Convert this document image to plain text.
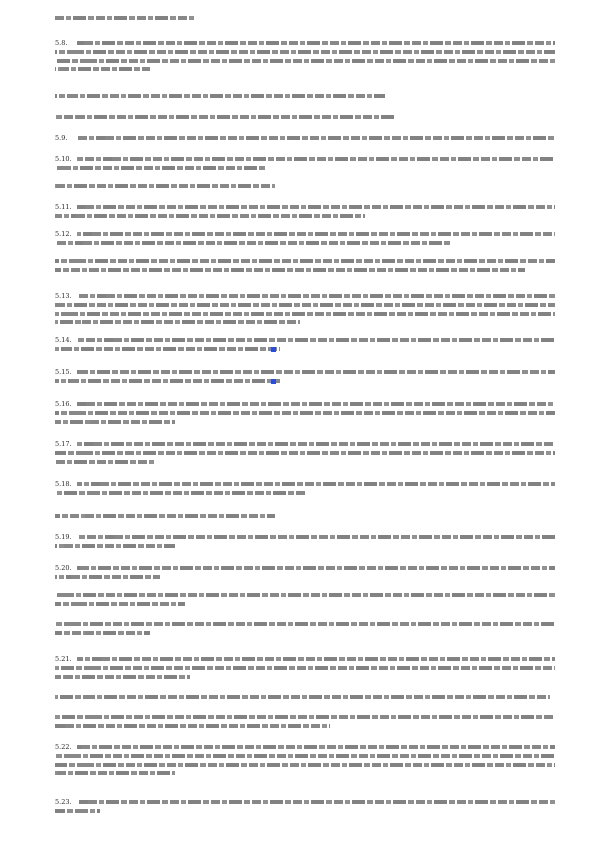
5.8.
5.9.
5.10.
5.11.
5.12.
5.13.
5.14.
5.15.
5.16.
5.17.
5.18.
5.19.
5.20.
5.21.
5.22.
5.23.
